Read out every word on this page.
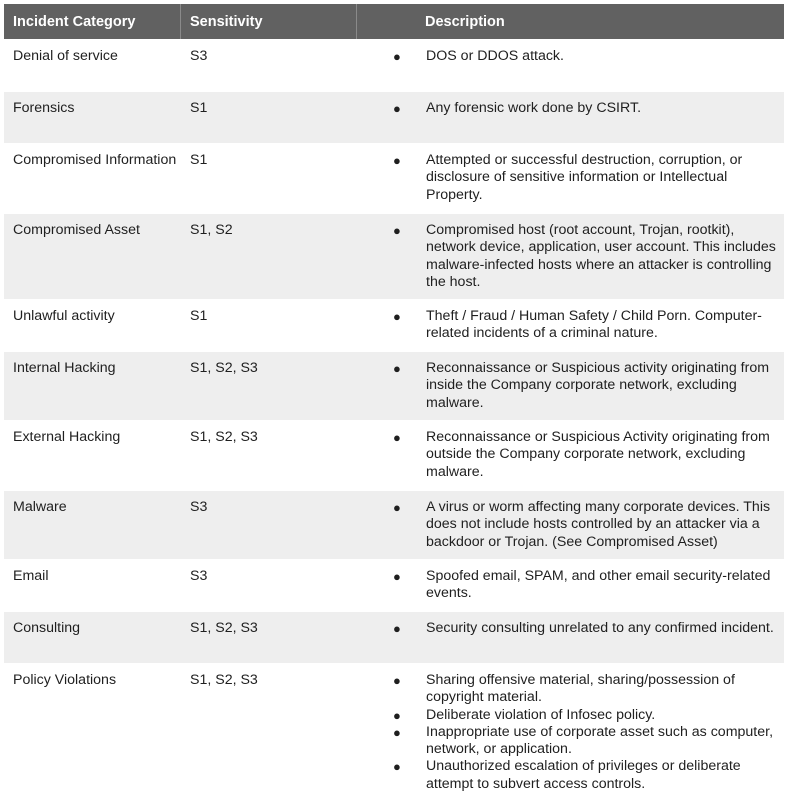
Incident Category	Sensitivity	Description
Denial of service	S3	● DOS or DDOS attack.
Forensics	S1	● Any forensic work done by CSIRT.
Compromised Information S1	● Attempted or successful destruction, corruption, or disclosure of sensitive information or Intellectual Property.
Compromised Asset	S1, S2	● Compromised host (root account, Trojan, rootkit), network device, application, user account. This includes malware-infected hosts where an attacker is controlling the host.
Unlawful activity	S1	● Theft / Fraud / Human Safety / Child Porn. Computer-related incidents of a criminal nature.
Internal Hacking	S1, S2, S3	● Reconnaissance or Suspicious activity originating from inside the Company corporate network, excluding malware.
External Hacking	S1, S2, S3	● Reconnaissance or Suspicious Activity originating from outside the Company corporate network, excluding malware.
Malware	S3	● A virus or worm affecting many corporate devices. This does not include hosts controlled by an attacker via a backdoor or Trojan. (See Compromised Asset)
Email	S3	● Spoofed email, SPAM, and other email security-related events.
Consulting	S1, S2, S3	● Security consulting unrelated to any confirmed incident.
Policy Violations	S1, S2, S3	● Sharing offensive material, sharing/possession of copyright material.
● Deliberate violation of Infosec policy.
● Inappropriate use of corporate asset such as computer, network, or application.
● Unauthorized escalation of privileges or deliberate attempt to subvert access controls.
